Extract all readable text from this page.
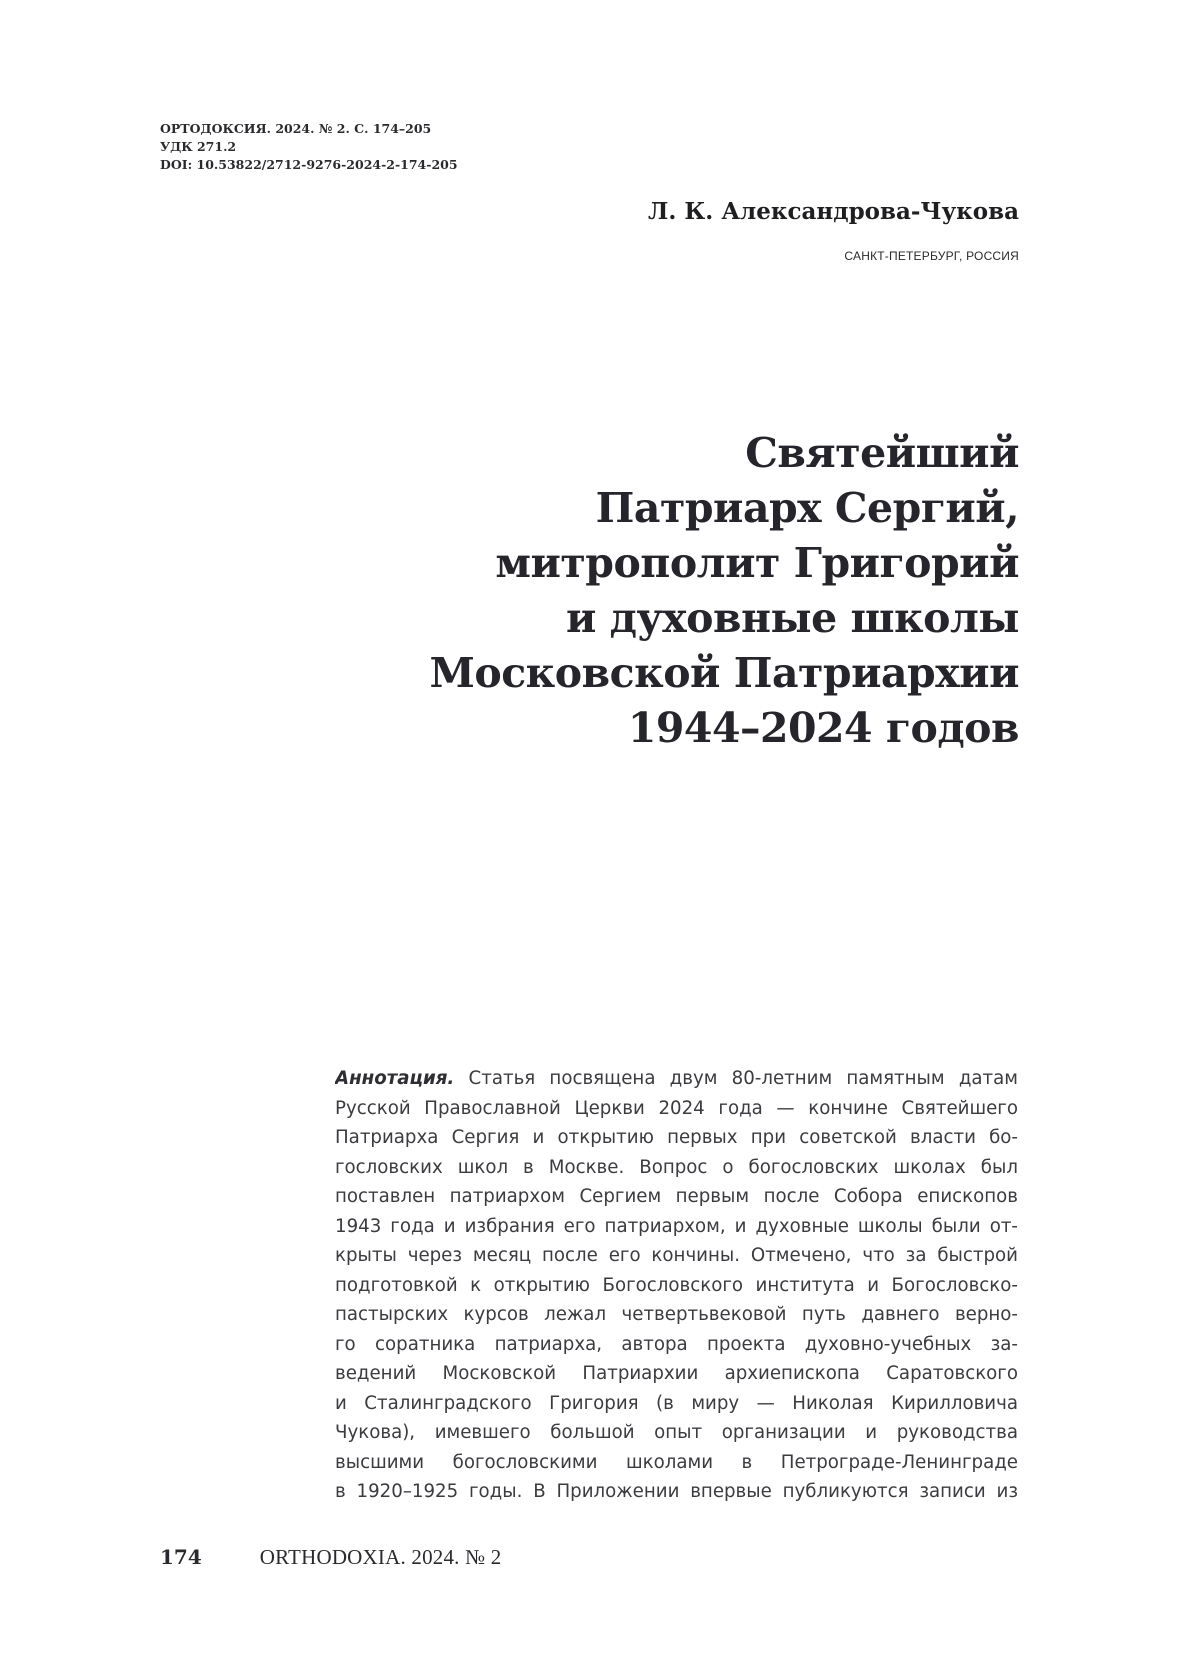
ОРТОДОКСИЯ. 2024. № 2. С. 174–205
УДК 271.2
DOI: 10.53822/2712-9276-2024-2-174-205
Л. К. Александрова-Чукова
САНКТ-ПЕТЕРБУРГ, РОССИЯ
Святейший
Патриарх Сергий,
митрополит Григорий
и духовные школы
Московской Патриархии
1944–2024 годов
Аннотация. Статья посвящена двум 80-летним памятным датам
Русской Православной Церкви 2024 года — кончине Святейшего
Патриарха Сергия и открытию первых при советской власти бо-
гословских школ в Москве. Вопрос о богословских школах был
поставлен патриархом Сергием первым после Собора епископов
1943 года и избрания его патриархом, и духовные школы были от-
крыты через месяц после его кончины. Отмечено, что за быстрой
подготовкой к открытию Богословского института и Богословско-
пастырских курсов лежал четвертьвековой путь давнего верно-
го соратника патриарха, автора проекта духовно-учебных за-
ведений Московской Патриархии архиепископа Саратовского
и Сталинградского Григория (в миру — Николая Кирилловича
Чукова), имевшего большой опыт организации и руководства
высшими богословскими школами в Петрограде-Ленинграде
в 1920–1925 годы. В Приложении впервые публикуются записи из
174	ORTHODOXIA. 2024. № 2
